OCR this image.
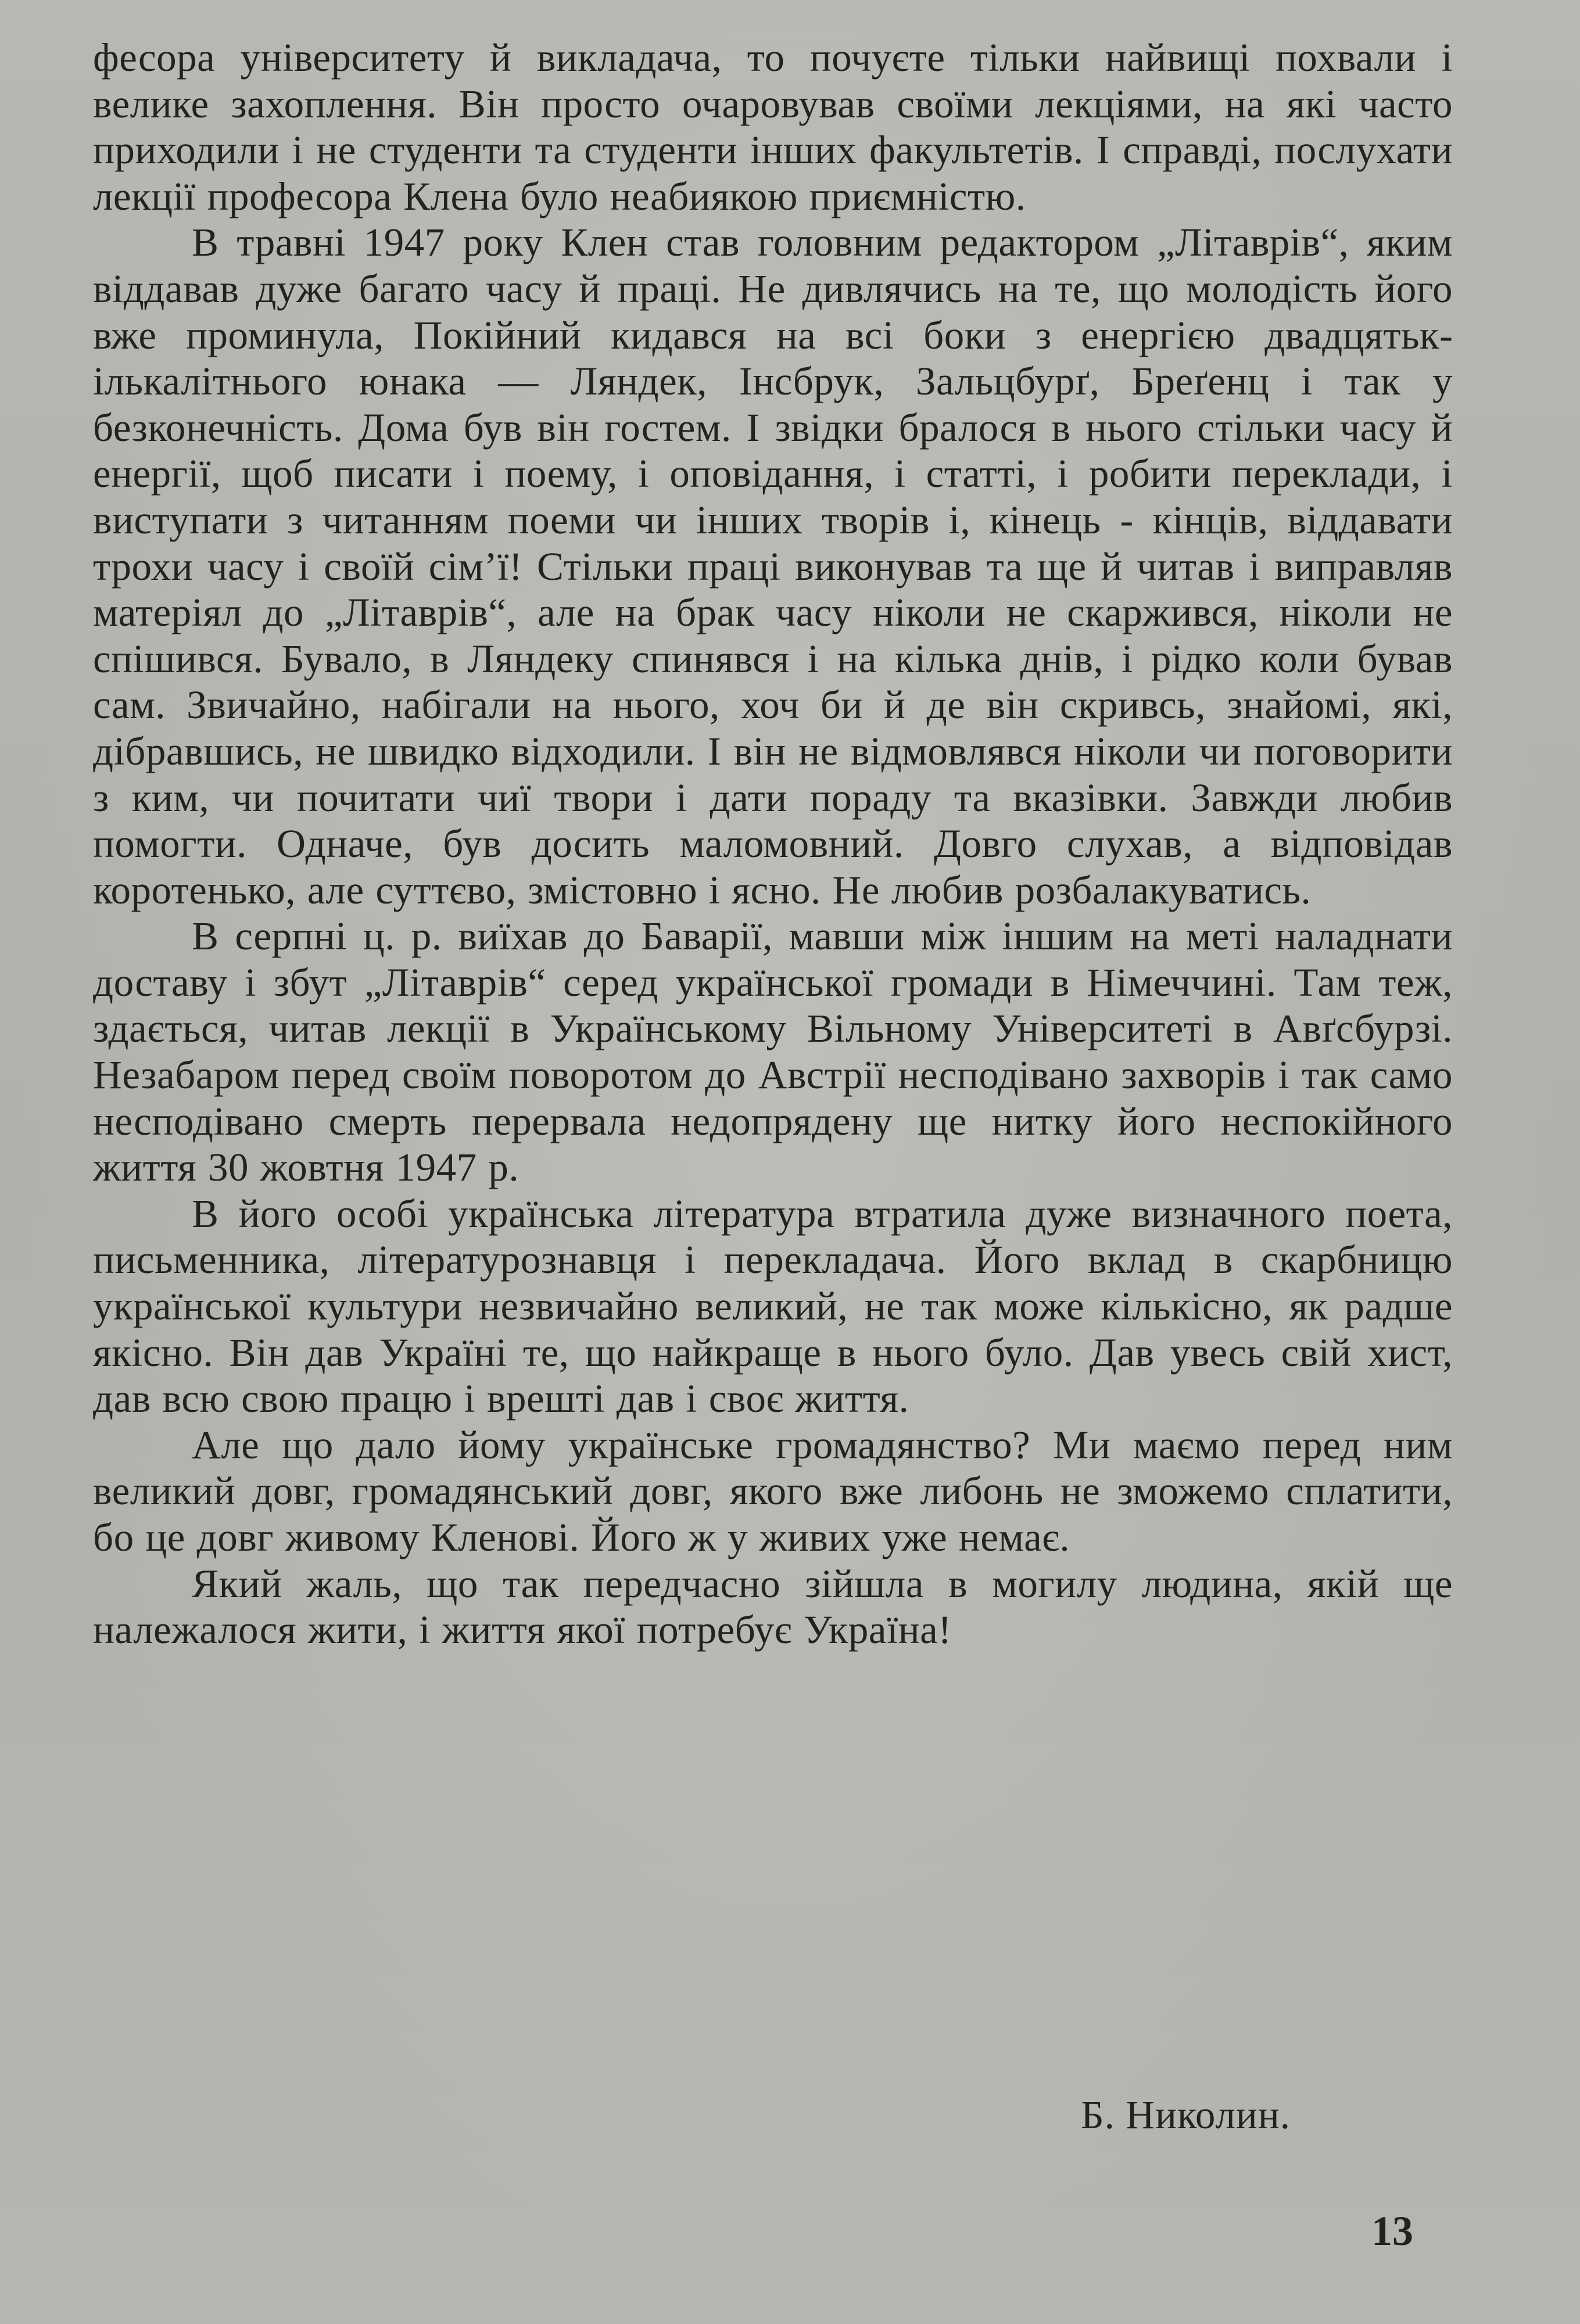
фесора університету й викладача, то почуєте тільки найвищі похвали і велике захоплення. Він просто очаровував своїми лекціями, на які часто приходили і не студенти та студенти інших факультетів. І справді, послухати лекції професора Клена було неабиякою приємністю.

В травні 1947 року Клен став головним редактором „Літаврів“, яким віддавав дуже багато часу й праці. Не дивлячись на те, що молодість його вже проминула, Покійний кидався на всі боки з енергією двадцятькількалітнього юнака — Ляндек, Інсбрук, Зальцбурґ, Бреґенц і так у безконечність. Дома був він гостем. І звідки бралося в нього стільки часу й енергії, щоб писати і поему, і оповідання, і статті, і робити переклади, і виступати з читанням поеми чи інших творів і, кінець - кінців, віддавати трохи часу і своїй сім’ї! Стільки праці виконував та ще й читав і виправляв матеріял до „Літаврів“, але на брак часу ніколи не скаржився, ніколи не спішився. Бувало, в Ляндеку спинявся і на кілька днів, і рідко коли бував сам. Звичайно, набігали на нього, хоч би й де він скривсь, знайомі, які, дібравшись, не швидко відходили. І він не відмовлявся ніколи чи поговорити з ким, чи почитати чиї твори і дати пораду та вказівки. Завжди любив помогти. Одначе, був досить маломовний. Довго слухав, а відповідав коротенько, але суттєво, змістовно і ясно. Не любив розбалакуватись.

В серпні ц. р. виїхав до Баварії, мавши між іншим на меті наладнати доставу і збут „Літаврів“ серед української громади в Німеччині. Там теж, здається, читав лекції в Українському Вільному Університеті в Авґсбурзі. Незабаром перед своїм поворотом до Австрії несподівано захворів і так само несподівано смерть перервала недопрядену ще нитку його неспокійного життя 30 жовтня 1947 р.

В його особі українська література втратила дуже визначного поета, письменника, літературознавця і перекладача. Його вклад в скарбницю української культури незвичайно великий, не так може кількісно, як радше якісно. Він дав Україні те, що найкраще в нього було. Дав увесь свій хист, дав всю свою працю і врешті дав і своє життя.

Але що дало йому українське громадянство? Ми маємо перед ним великий довг, громадянський довг, якого вже либонь не зможемо сплатити, бо це довг живому Кленові. Його ж у живих уже немає.

Який жаль, що так передчасно зійшла в могилу людина, якій ще належалося жити, і життя якої потребує Україна!

Б. Николин.
13
